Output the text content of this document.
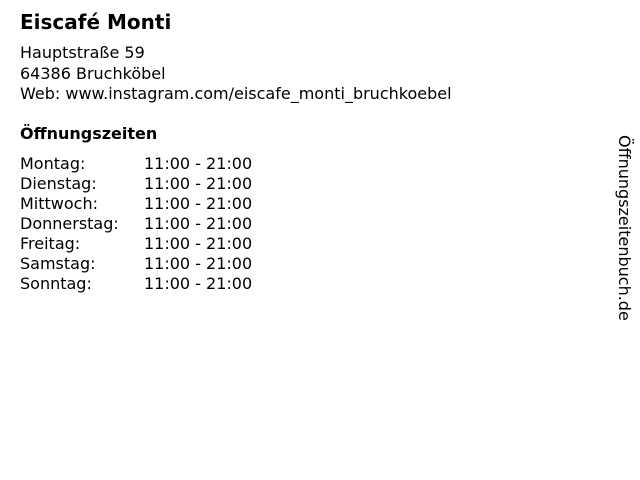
Eiscafé Monti
Hauptstraße 59
64386 Bruchköbel
Web: www.instagram.com/eiscafe_monti_bruchkoebel
Öffnungszeiten
Montag:	11:00 - 21:00
Dienstag:	11:00 - 21:00
Mittwoch:	11:00 - 21:00
Donnerstag:	11:00 - 21:00
Freitag:	11:00 - 21:00
Samstag:	11:00 - 21:00
Sonntag:	11:00 - 21:00	Öffnungszeitenbuch.de
